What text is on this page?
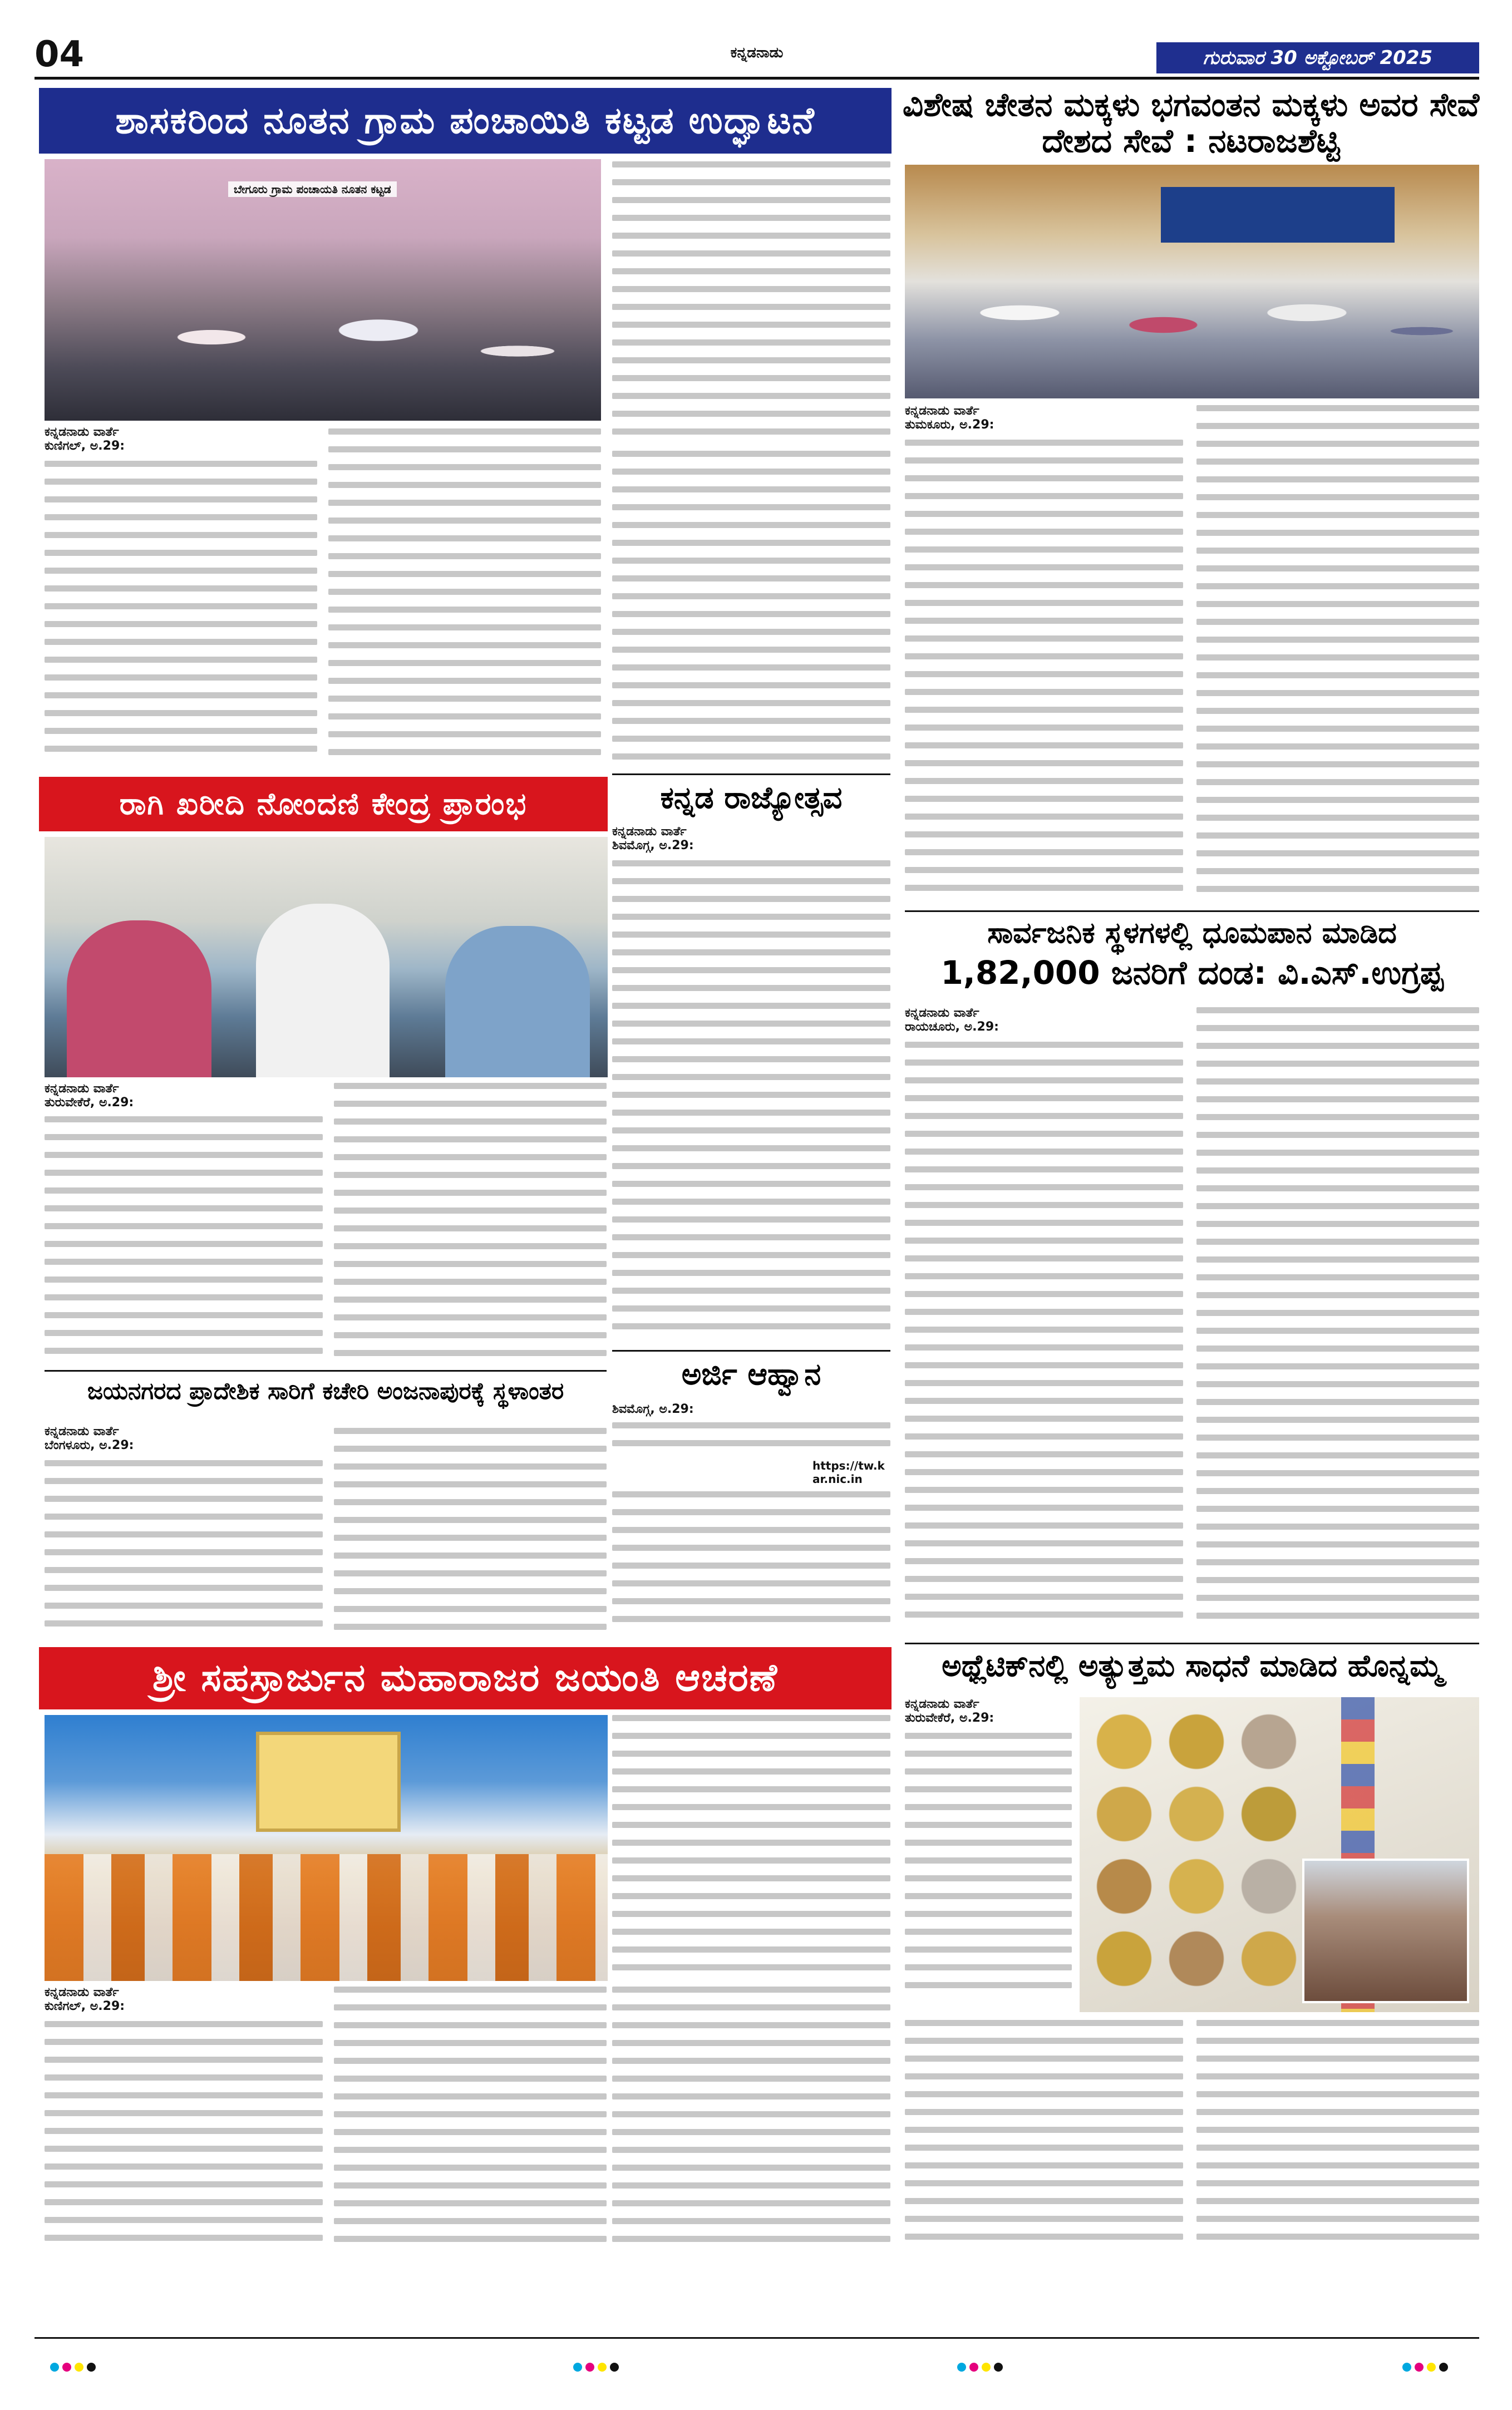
04	ಕನ್ನಡನಾಡು	ಗುರುವಾರ 30 ಅಕ್ಟೋಬರ್ 2025
ಶಾಸಕರಿಂದ ನೂತನ ಗ್ರಾಮ ಪಂಚಾಯಿತಿ ಕಟ್ಟಡ ಉದ್ಘಾಟನೆ
ಬೇಗೂರು ಗ್ರಾಮ ಪಂಚಾಯತಿ ನೂತನ ಕಟ್ಟಡ
ಕನ್ನಡನಾಡು ವಾರ್ತೆ
ಕುಣಿಗಲ್, ಅ.29:
ರಾಗಿ ಖರೀದಿ ನೋಂದಣಿ ಕೇಂದ್ರ ಪ್ರಾರಂಭ
ಕನ್ನಡನಾಡು ವಾರ್ತೆ
ತುರುವೇಕೆರೆ, ಅ.29:
ಜಯನಗರದ ಪ್ರಾದೇಶಿಕ ಸಾರಿಗೆ ಕಚೇರಿ ಅಂಜನಾಪುರಕ್ಕೆ ಸ್ಥಳಾಂತರ
ಕನ್ನಡನಾಡು ವಾರ್ತೆ
ಬೆಂಗಳೂರು, ಅ.29:
ಶ್ರೀ ಸಹಸ್ರಾರ್ಜುನ ಮಹಾರಾಜರ ಜಯಂತಿ ಆಚರಣೆ
ಕನ್ನಡನಾಡು ವಾರ್ತೆ
ಕುಣಿಗಲ್, ಅ.29:
ಕನ್ನಡ ರಾಜ್ಯೋತ್ಸವ
ಕನ್ನಡನಾಡು ವಾರ್ತೆ
ಶಿವಮೊಗ್ಗ, ಅ.29:
ಅರ್ಜಿ ಆಹ್ವಾನ
ಶಿವಮೊಗ್ಗ, ಅ.29:
https://tw.kar.nic.in
ವಿಶೇಷ ಚೇತನ ಮಕ್ಕಳು ಭಗವಂತನ ಮಕ್ಕಳು ಅವರ ಸೇವೆ ದೇಶದ ಸೇವೆ : ನಟರಾಜಶೆಟ್ಟಿ
ಕನ್ನಡನಾಡು ವಾರ್ತೆ
ತುಮಕೂರು, ಅ.29:
ಸಾರ್ವಜನಿಕ ಸ್ಥಳಗಳಲ್ಲಿ ಧೂಮಪಾನ ಮಾಡಿದ
1,82,000 ಜನರಿಗೆ ದಂಡ: ವಿ.ಎಸ್.ಉಗ್ರಪ್ಪ
ಕನ್ನಡನಾಡು ವಾರ್ತೆ
ರಾಯಚೂರು, ಅ.29:
ಅಥ್ಲೆಟಿಕ್‌ನಲ್ಲಿ ಅತ್ಯುತ್ತಮ ಸಾಧನೆ ಮಾಡಿದ ಹೊನ್ನಮ್ಮ
ಕನ್ನಡನಾಡು ವಾರ್ತೆ
ತುರುವೇಕೆರೆ, ಅ.29:
